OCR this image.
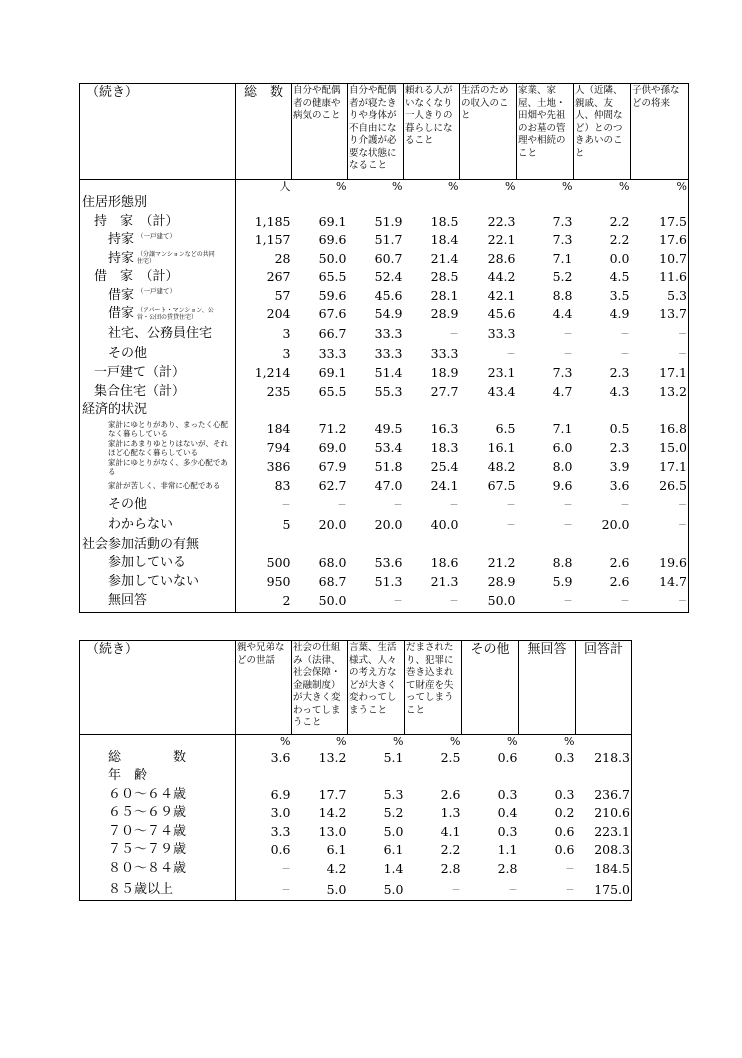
（続き）	総　数	自分や配偶者の健康や病気のこと	自分や配偶者が寝たきりや身体が不自由になり介護が必要な状態になること	頼れる人がいなくなり一人きりの暮らしになること	生活のための収入のこと	家業、家屋、土地・田畑や先祖のお墓の管理や相続のこと	人（近隣、親戚、友人、仲間など）とのつきあいのこと	子供や孫などの将来
	人	%	%	%	%	%	%	%
住居形態別								
持　家　（計）	1,185	69.1	51.9	18.5	22.3	7.3	2.2	17.5
持家 $^{(一戸建て)}$	1,157	69.6	51.7	18.4	22.1	7.3	2.2	17.6
持家 （分譲マンションなどの共同住宅）	28	50.0	60.7	21.4	28.6	7.1	0.0	10.7
借　家　（計）	267	65.5	52.4	28.5	44.2	5.2	4.5	11.6
借家 $^{(一戸建て)}$	57	59.6	45.6	28.1	42.1	8.8	3.5	5.3
借家 （アパート・マンション、公営・公団の賃貸住宅）	204	67.6	54.9	28.9	45.6	4.4	4.9	13.7
社宅、公務員住宅	3	66.7	33.3	－	33.3	－	－	－
その他	3	33.3	33.3	33.3	－	－	－	－
一戸建て（計）	1,214	69.1	51.4	18.9	23.1	7.3	2.3	17.1
集合住宅（計）	235	65.5	55.3	27.7	43.4	4.7	4.3	13.2
経済的状況								
家計にゆとりがあり、まったく心配なく暮らしている	184	71.2	49.5	16.3	6.5	7.1	0.5	16.8
家計にあまりゆとりはないが、それほど心配なく暮らしている	794	69.0	53.4	18.3	16.1	6.0	2.3	15.0
家計にゆとりがなく、多少心配である	386	67.9	51.8	25.4	48.2	8.0	3.9	17.1
家計が苦しく、非常に心配である	83	62.7	47.0	24.1	67.5	9.6	3.6	26.5
その他	－	－	－	－	－	－	－	－
わからない	5	20.0	20.0	40.0	－	－	20.0	－
社会参加活動の有無								
参加している	500	68.0	53.6	18.6	21.2	8.8	2.6	19.6
参加していない	950	68.7	51.3	21.3	28.9	5.9	2.6	14.7
無回答	2	50.0	－	－	50.0	－	－	－
（続き）	親や兄弟などの世話	社会の仕組み（法律、社会保障・金融制度）が大きく変わってしまうこと	言葉、生活様式、人々の考え方などが大きく変わってしまうこと	だまされたり、犯罪に巻き込まれて財産を失ってしまうこと	その他	無回答	回答計
	%	%	%	%	%	%	
総　　　　数	3.6	13.2	5.1	2.5	0.6	0.3	218.3
年　齢							
６０～６４歳	6.9	17.7	5.3	2.6	0.3	0.3	236.7
６５～６９歳	3.0	14.2	5.2	1.3	0.4	0.2	210.6
７０～７４歳	3.3	13.0	5.0	4.1	0.3	0.6	223.1
７５～７９歳	0.6	6.1	6.1	2.2	1.1	0.6	208.3
８０～８４歳	－	4.2	1.4	2.8	2.8	－	184.5
８５歳以上	－	5.0	5.0	－	－	－	175.0
